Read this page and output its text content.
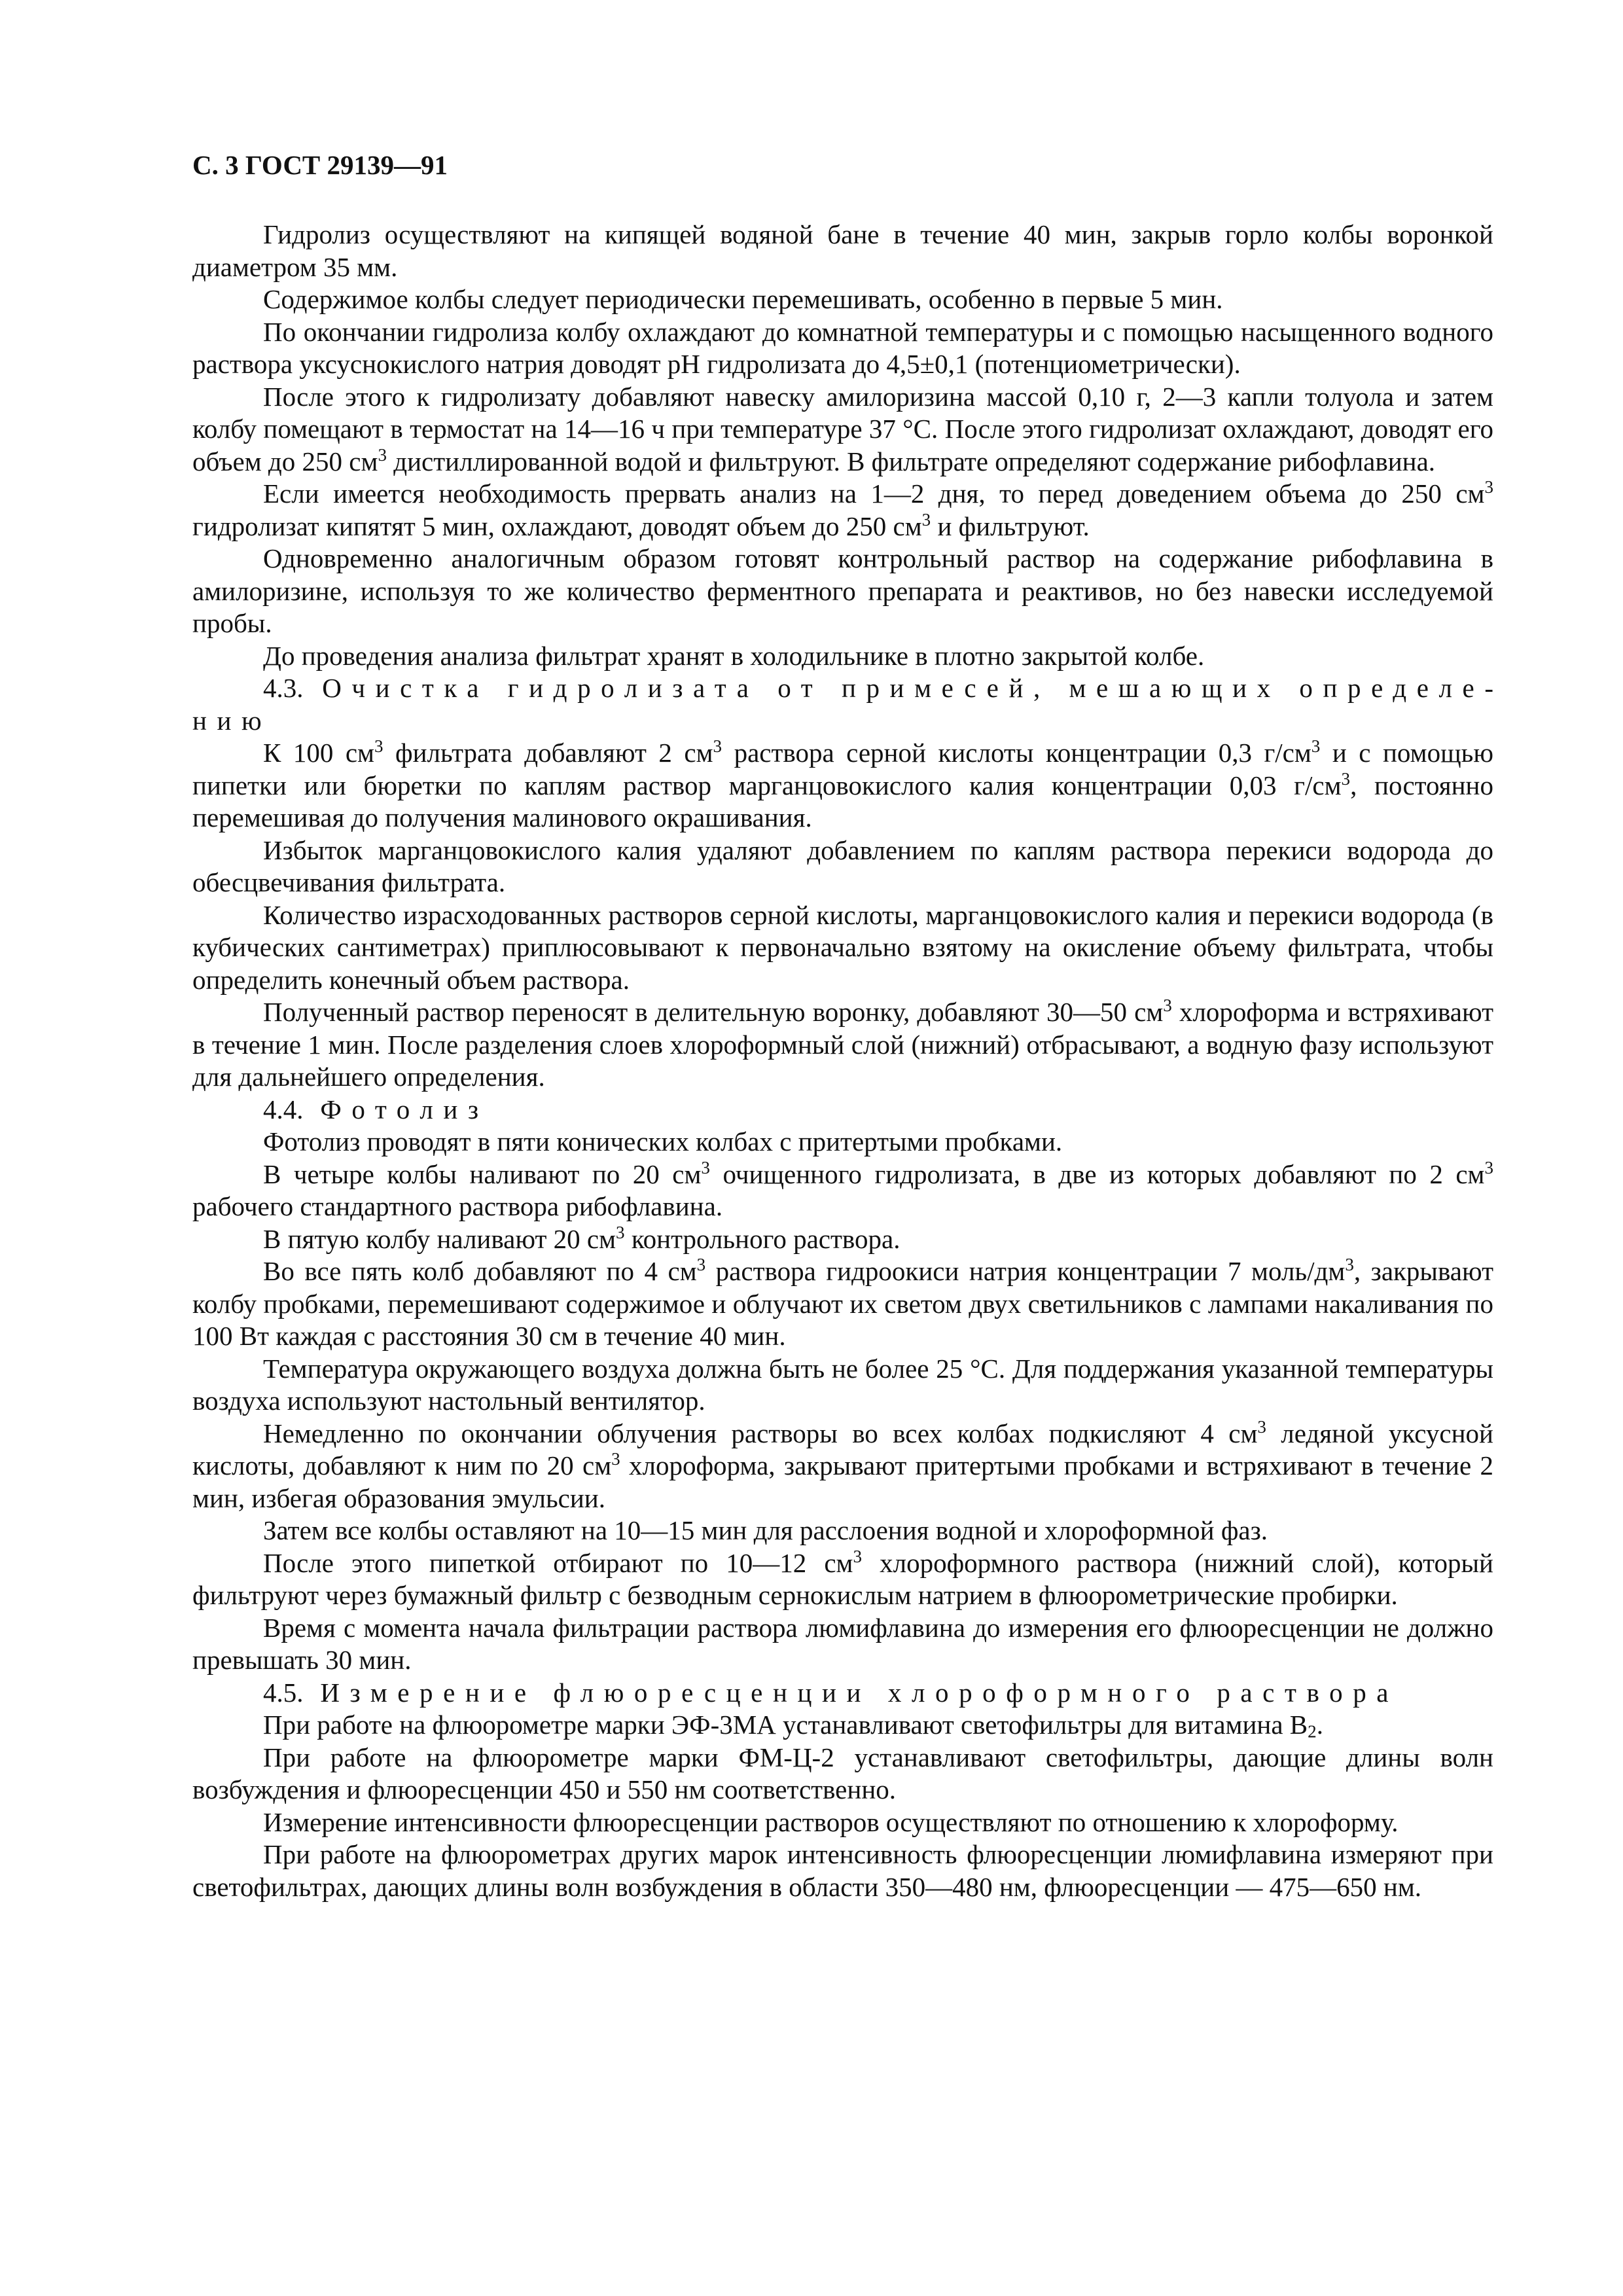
С. 3 ГОСТ 29139—91

Гидролиз осуществляют на кипящей водяной бане в течение 40 мин, закрыв горло колбы воронкой диаметром 35 мм.

Содержимое колбы следует периодически перемешивать, особенно в первые 5 мин.

По окончании гидролиза колбу охлаждают до комнатной температуры и с помощью насыщенного водного раствора уксуснокислого натрия доводят рН гидролизата до 4,5±0,1 (потенциометрически).

После этого к гидролизату добавляют навеску амилоризина массой 0,10 г, 2—3 капли толуола и затем колбу помещают в термостат на 14—16 ч при температуре 37 °С. После этого гидролизат охлаждают, доводят его объем до 250 $см^3$ дистиллированной водой и фильтруют. В фильтрате определяют содержание рибофлавина.

Если имеется необходимость прервать анализ на 1—2 дня, то перед доведением объема до 250 $см^3$ гидролизат кипятят 5 мин, охлаждают, доводят объем до 250 $см^3$ и фильтруют.

Одновременно аналогичным образом готовят контрольный раствор на содержание рибофлавина в амилоризине, используя то же количество ферментного препарата и реактивов, но без навески исследуемой пробы.

До проведения анализа фильтрат хранят в холодильнике в плотно закрытой колбе.

4.3. Очистка гидролизата от примесей, мешающих определению

К 100 $см^3$ фильтрата добавляют 2 $см^3$ раствора серной кислоты концентрации 0,3 $г/см^3$ и с помощью пипетки или бюретки по каплям раствор марганцовокислого калия концентрации 0,03 $г/см^3$, постоянно перемешивая до получения малинового окрашивания.

Избыток марганцовокислого калия удаляют добавлением по каплям раствора перекиси водорода до обесцвечивания фильтрата.

Количество израсходованных растворов серной кислоты, марганцовокислого калия и перекиси водорода (в кубических сантиметрах) приплюсовывают к первоначально взятому на окисление объему фильтрата, чтобы определить конечный объем раствора.

Полученный раствор переносят в делительную воронку, добавляют 30—50 $см^3$ хлороформа и встряхивают в течение 1 мин. После разделения слоев хлороформный слой (нижний) отбрасывают, а водную фазу используют для дальнейшего определения.

4.4. Фотолиз

Фотолиз проводят в пяти конических колбах с притертыми пробками.

В четыре колбы наливают по 20 $см^3$ очищенного гидролизата, в две из которых добавляют по 2 $см^3$ рабочего стандартного раствора рибофлавина.

В пятую колбу наливают 20 $см^3$ контрольного раствора.

Во все пять колб добавляют по 4 $см^3$ раствора гидроокиси натрия концентрации 7 моль/$дм^3$, закрывают колбу пробками, перемешивают содержимое и облучают их светом двух светильников с лампами накаливания по 100 Вт каждая с расстояния 30 см в течение 40 мин.

Температура окружающего воздуха должна быть не более 25 °С. Для поддержания указанной температуры воздуха используют настольный вентилятор.

Немедленно по окончании облучения растворы во всех колбах подкисляют 4 $см^3$ ледяной уксусной кислоты, добавляют к ним по 20 $см^3$ хлороформа, закрывают притертыми пробками и встряхивают в течение 2 мин, избегая образования эмульсии.

Затем все колбы оставляют на 10—15 мин для расслоения водной и хлороформной фаз.

После этого пипеткой отбирают по 10—12 $см^3$ хлороформного раствора (нижний слой), который фильтруют через бумажный фильтр с безводным сернокислым натрием в флюорометрические пробирки.

Время с момента начала фильтрации раствора люмифлавина до измерения его флюоресценции не должно превышать 30 мин.

4.5. Измерение флюоресценции хлороформного раствора

При работе на флюорометре марки ЭФ-3МА устанавливают светофильтры для витамина $В_2$.

При работе на флюорометре марки ФМ-Ц-2 устанавливают светофильтры, дающие длины волн возбуждения и флюоресценции 450 и 550 нм соответственно.

Измерение интенсивности флюоресценции растворов осуществляют по отношению к хлороформу.

При работе на флюорометрах других марок интенсивность флюоресценции люмифлавина измеряют при светофильтрах, дающих длины волн возбуждения в области 350—480 нм, флюоресценции — 475—650 нм.
